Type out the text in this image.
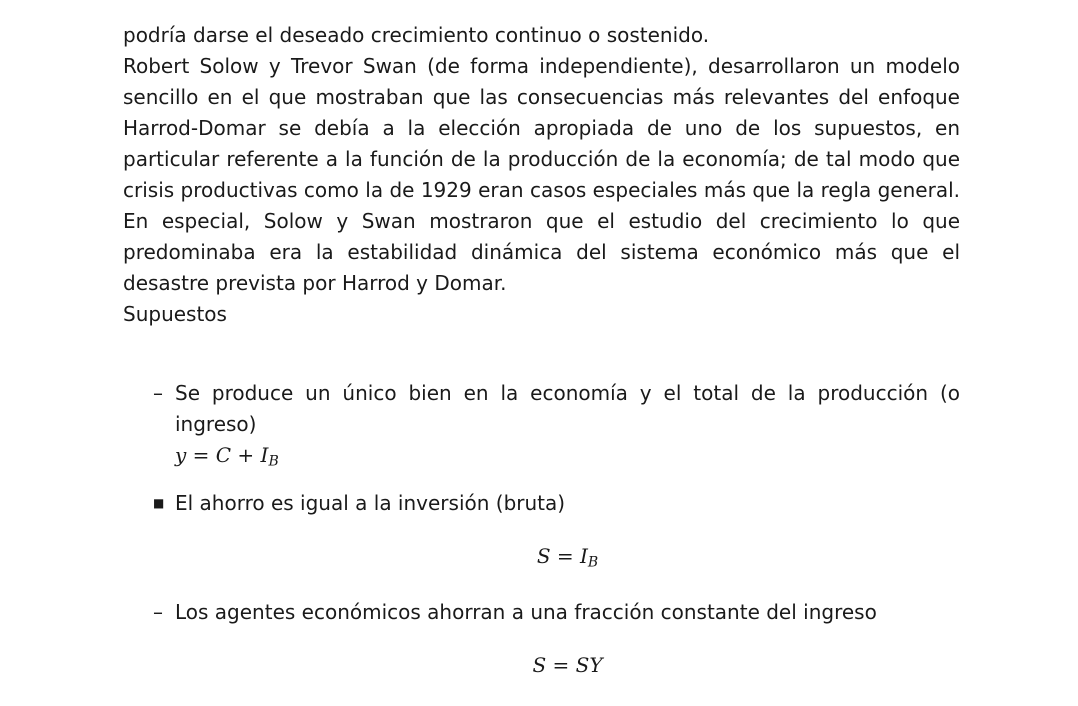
podría darse el deseado crecimiento continuo o sostenido.
Robert Solow y Trevor Swan (de forma independiente), desarrollaron un modelo sencillo en el que mostraban que las consecuencias más relevantes del enfoque Harrod-Domar se debía a la elección apropiada de uno de los supuestos, en particular referente a la función de la producción de la economía; de tal modo que crisis productivas como la de 1929 eran casos especiales más que la regla general. En especial, Solow y Swan mostraron que el estudio del crecimiento lo que predominaba era la estabilidad dinámica del sistema económico más que el desastre prevista por Harrod y Domar.
Supuestos
– Se produce un único bien en la economía y el total de la producción (o ingreso)
$y = C + I_B$
■ El ahorro es igual a la inversión (bruta)
$S = I_B$
– Los agentes económicos ahorran a una fracción constante del ingreso
S = SY
